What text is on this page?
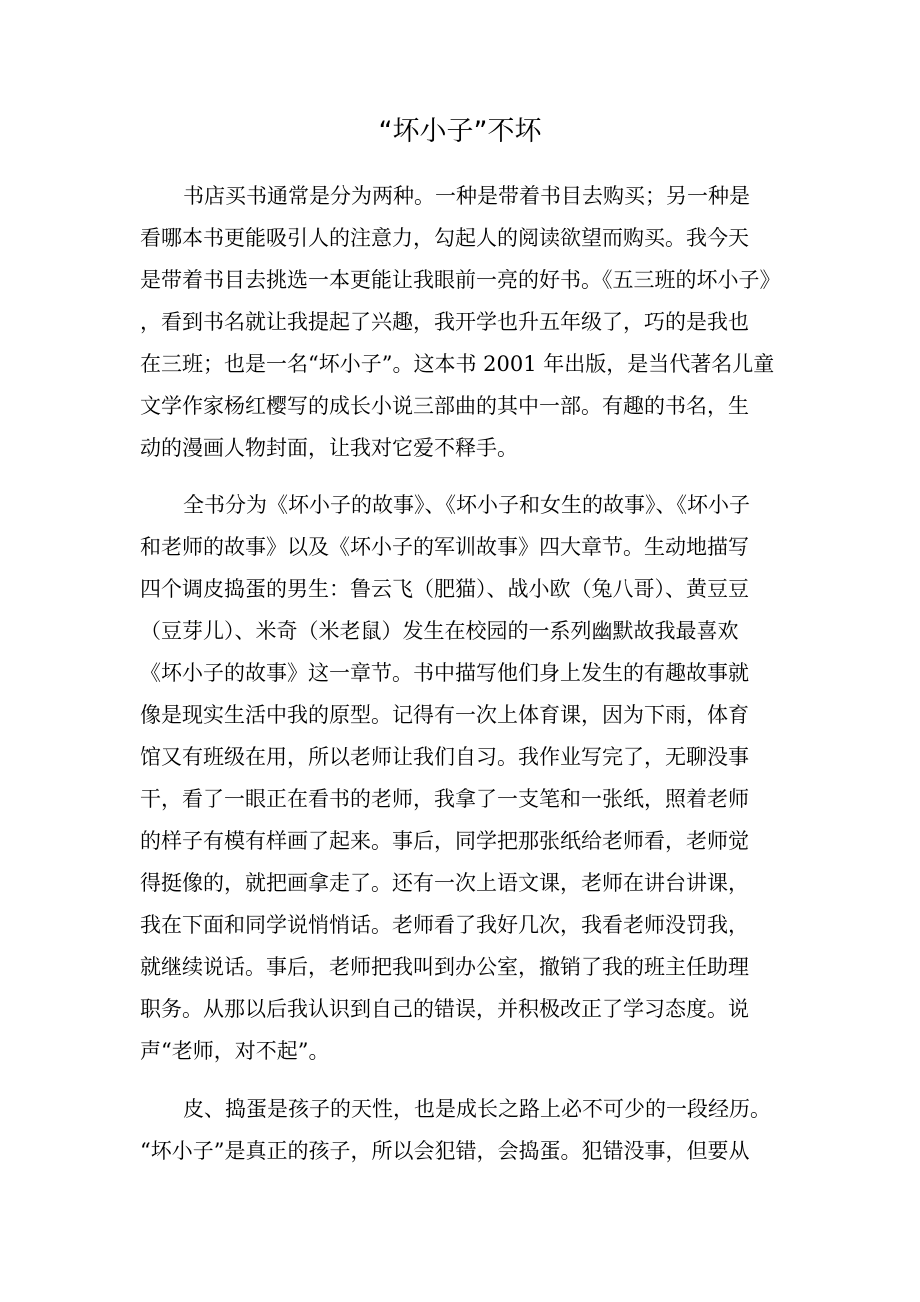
“坏小子”不坏
书店买书通常是分为两种。一种是带着书目去购买；另一种是
看哪本书更能吸引人的注意力，勾起人的阅读欲望而购买。我今天
是带着书目去挑选一本更能让我眼前一亮的好书。《五三班的坏小子》
，看到书名就让我提起了兴趣，我开学也升五年级了，巧的是我也
在三班；也是一名“坏小子”。这本书 2001 年出版，是当代著名儿童
文学作家杨红樱写的成长小说三部曲的其中一部。有趣的书名，生
动的漫画人物封面，让我对它爱不释手。
全书分为《坏小子的故事》、《坏小子和女生的故事》、《坏小子
和老师的故事》以及《坏小子的军训故事》四大章节。生动地描写
四个调皮捣蛋的男生：鲁云飞（肥猫）、战小欧（兔八哥）、黄豆豆
（豆芽儿）、米奇（米老鼠）发生在校园的一系列幽默故我最喜欢
《坏小子的故事》这一章节。书中描写他们身上发生的有趣故事就
像是现实生活中我的原型。记得有一次上体育课，因为下雨，体育
馆又有班级在用，所以老师让我们自习。我作业写完了，无聊没事
干，看了一眼正在看书的老师，我拿了一支笔和一张纸，照着老师
的样子有模有样画了起来。事后，同学把那张纸给老师看，老师觉
得挺像的，就把画拿走了。还有一次上语文课，老师在讲台讲课，
我在下面和同学说悄悄话。老师看了我好几次，我看老师没罚我，
就继续说话。事后，老师把我叫到办公室，撤销了我的班主任助理
职务。从那以后我认识到自己的错误，并积极改正了学习态度。说
声“老师，对不起”。
皮、捣蛋是孩子的天性，也是成长之路上必不可少的一段经历。
“坏小子”是真正的孩子，所以会犯错，会捣蛋。犯错没事，但要从
